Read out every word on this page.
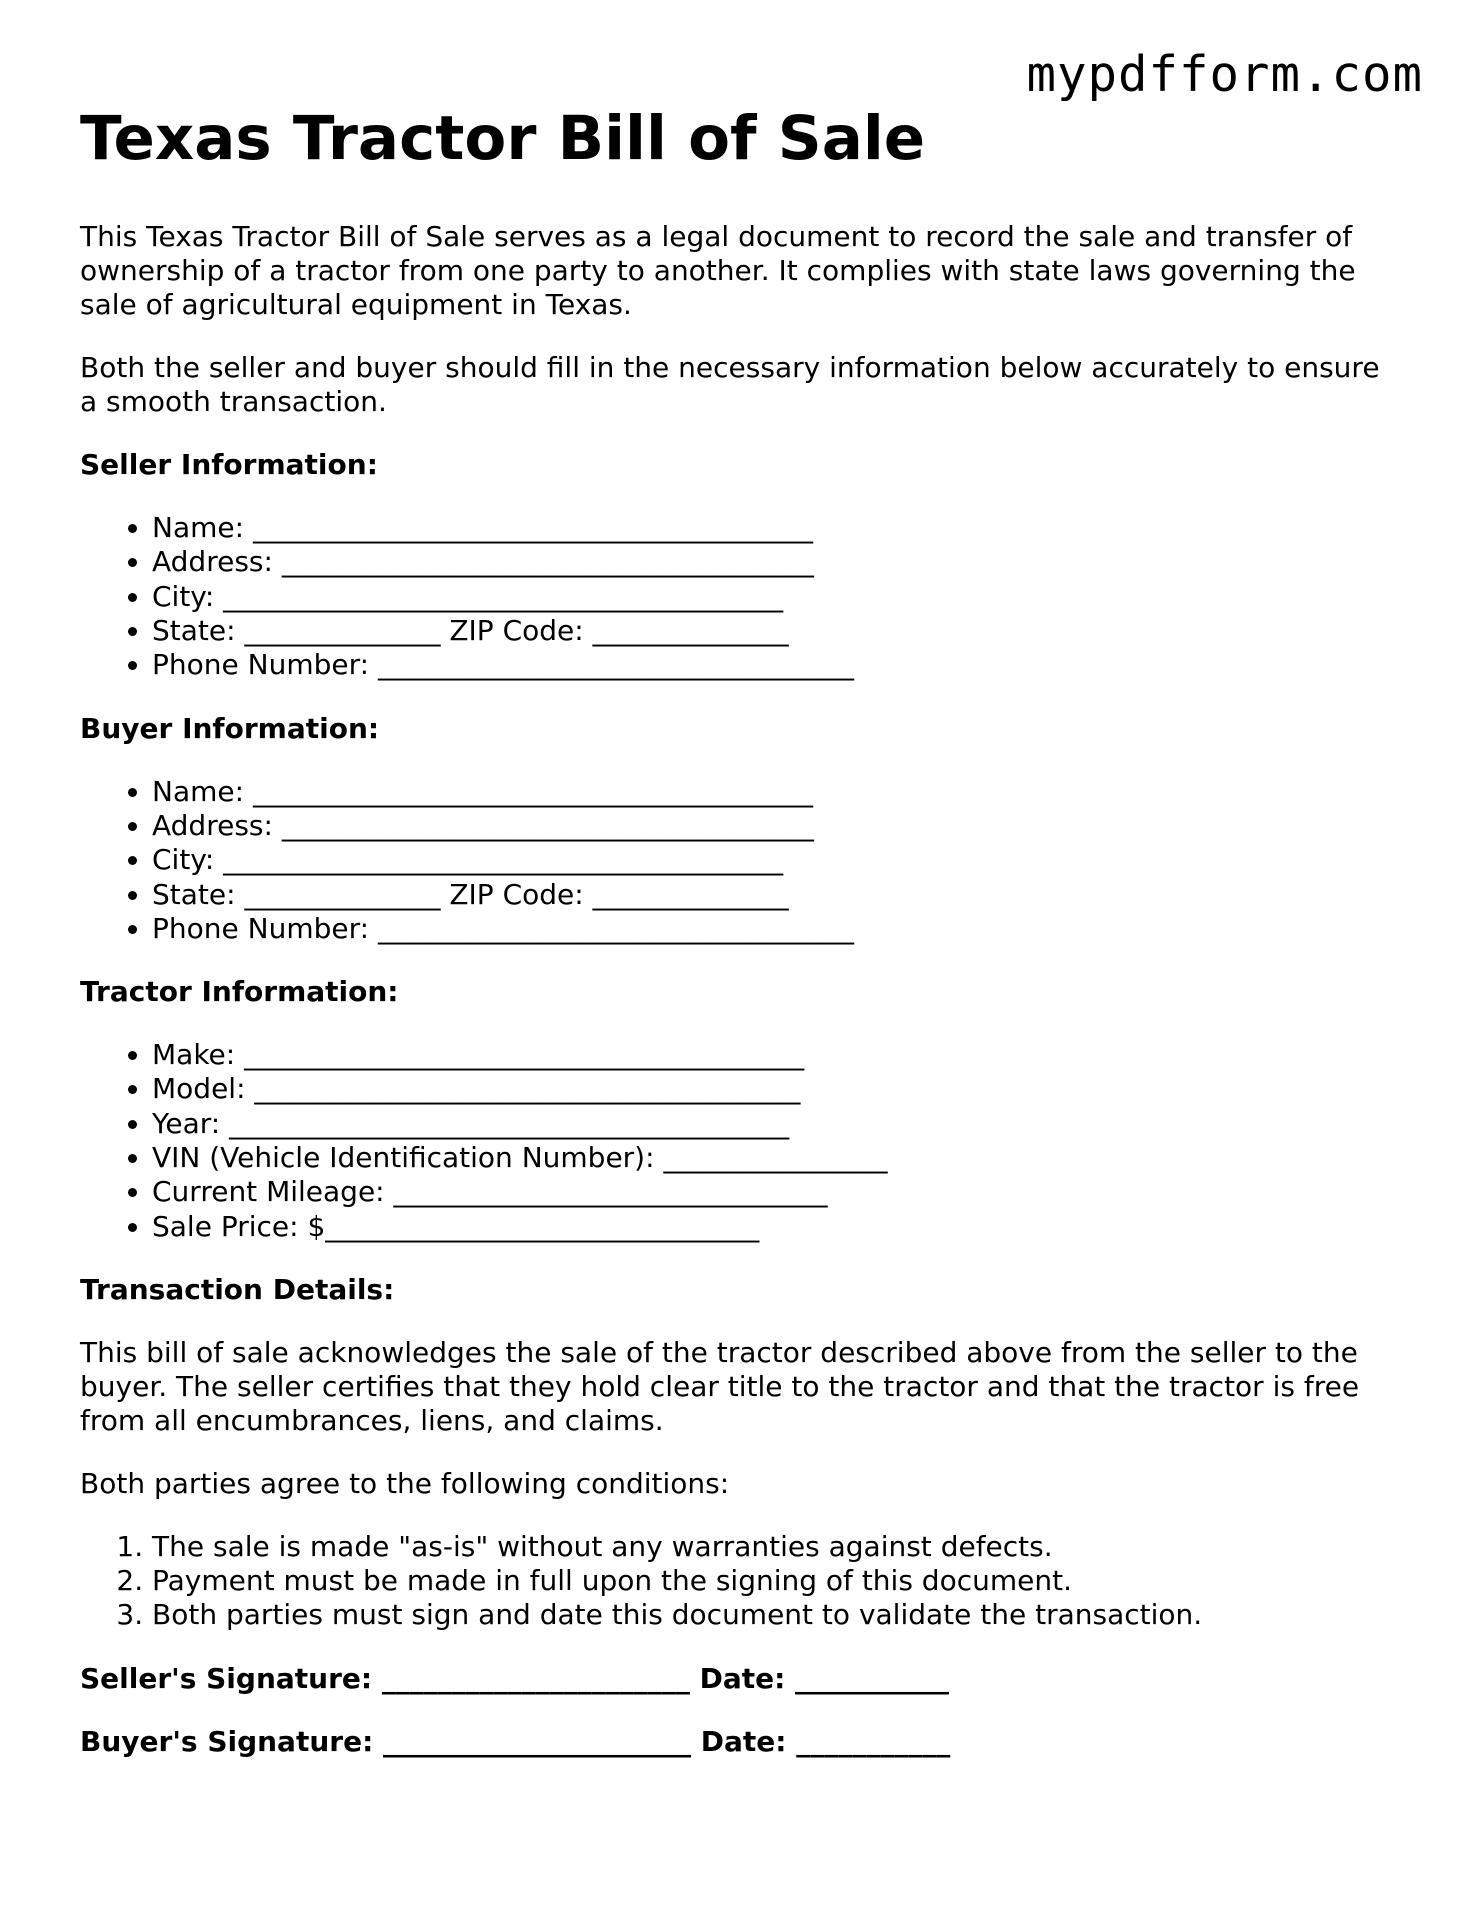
mypdfform.com
Texas Tractor Bill of Sale

This Texas Tractor Bill of Sale serves as a legal document to record the sale and transfer of ownership of a tractor from one party to another. It complies with state laws governing the sale of agricultural equipment in Texas.

Both the seller and buyer should fill in the necessary information below accurately to ensure a smooth transaction.

Seller Information:

• Name: ________________________________________
• Address: ______________________________________
• City: ________________________________________
• State: ______________ ZIP Code: ______________
• Phone Number: __________________________________

Buyer Information:

• Name: ________________________________________
• Address: ______________________________________
• City: ________________________________________
• State: ______________ ZIP Code: ______________
• Phone Number: __________________________________

Tractor Information:

• Make: ________________________________________
• Model: _______________________________________
• Year: ________________________________________
• VIN (Vehicle Identification Number): ________________
• Current Mileage: _______________________________
• Sale Price: $_______________________________

Transaction Details:

This bill of sale acknowledges the sale of the tractor described above from the seller to the buyer. The seller certifies that they hold clear title to the tractor and that the tractor is free from all encumbrances, liens, and claims.

Both parties agree to the following conditions:

1. The sale is made "as-is" without any warranties against defects.
2. Payment must be made in full upon the signing of this document.
3. Both parties must sign and date this document to validate the transaction.

Seller's Signature: ______________________ Date: ___________

Buyer's Signature: ______________________ Date: ___________
